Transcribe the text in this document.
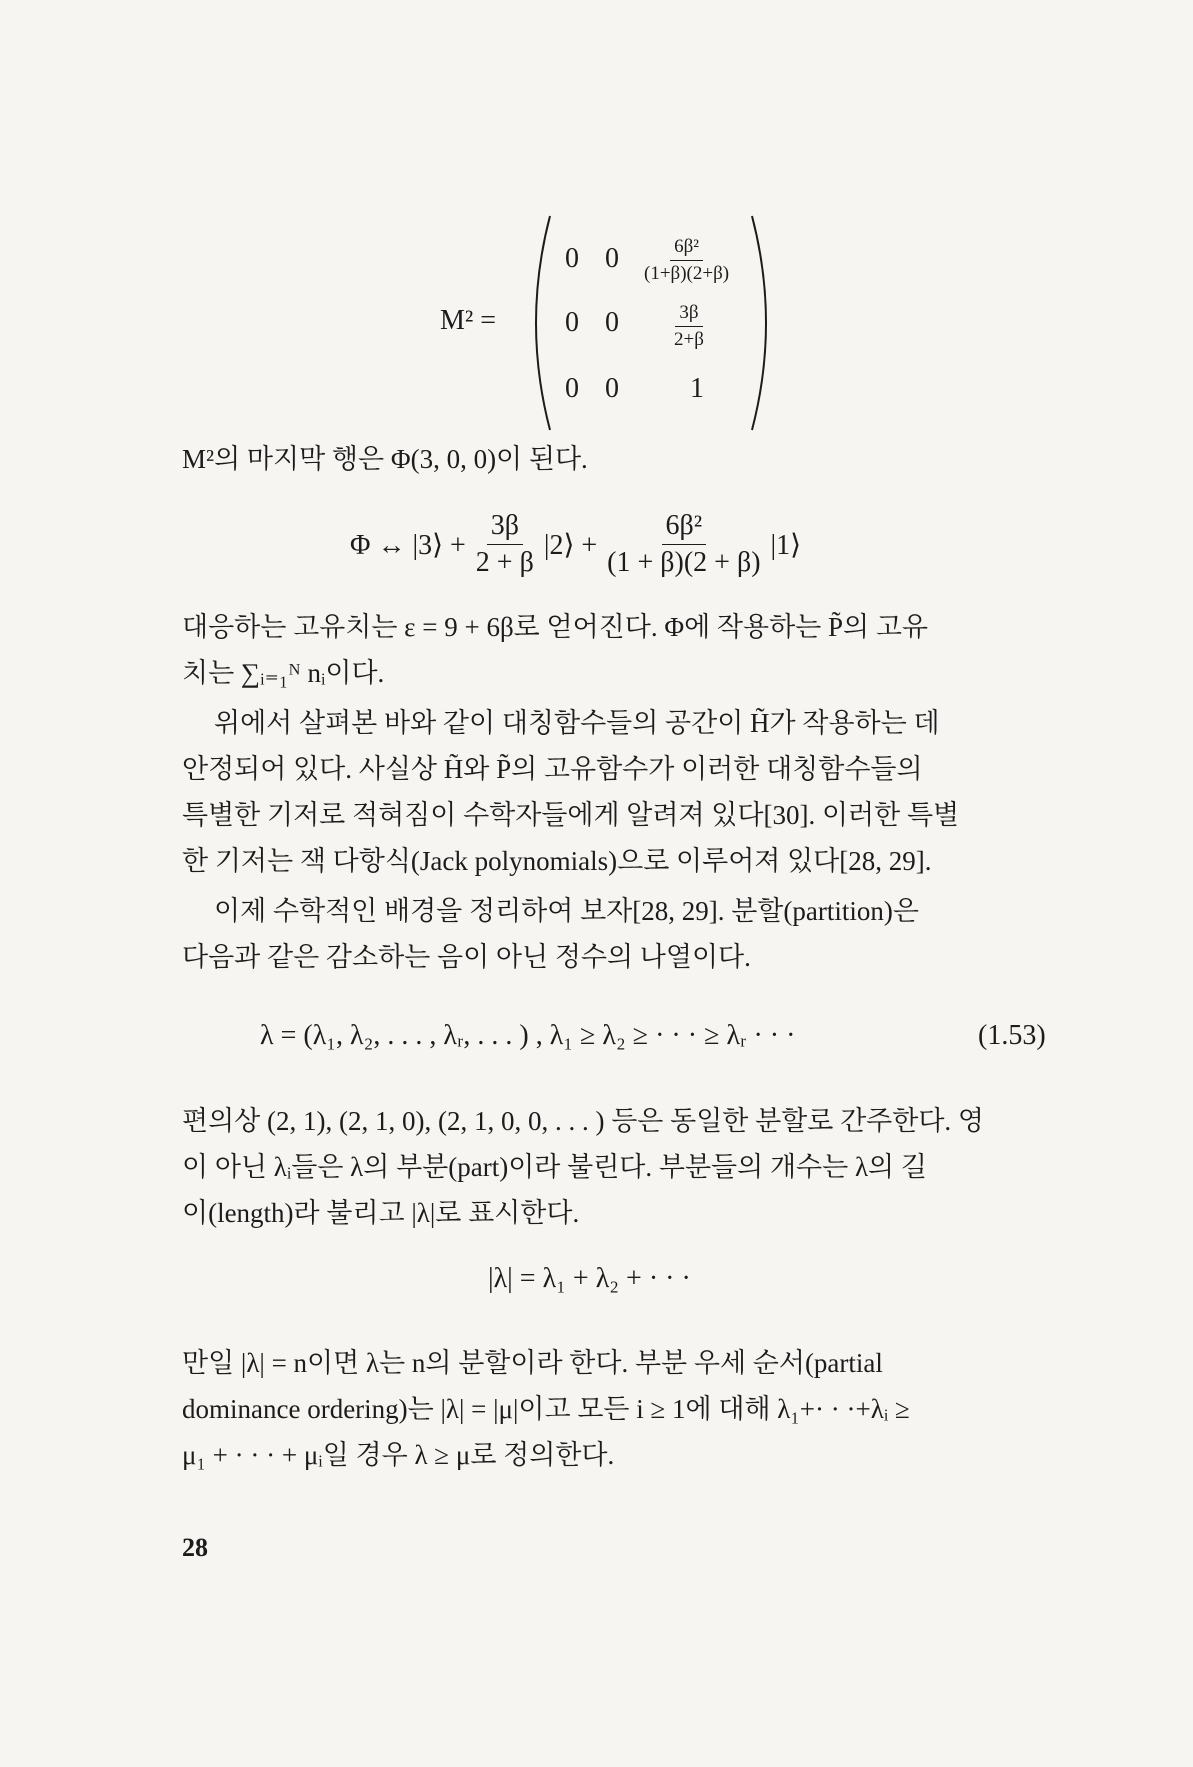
M² =
0 $0 \frac{\text{6β²}}{(1+\beta)(2+\beta)}$
0 0	$\frac{3\beta}{2+\beta}$
0 0	1
M²의 마지막 행은 Φ(3, 0, 0)이 된다.
Φ ↔ |3⟩ + $\frac{3\beta}{2 + \beta}$ |2⟩ + $\frac{\text{6β²}}{(1 + \beta)(2 + \beta)}$ |1⟩
대응하는 고유치는 ε = 9 + 6β로 얻어진다. Φ에 작용하는 P̃의 고유
치는 ∑ᵢ₌₁ᴺ nᵢ이다.
위에서 살펴본 바와 같이 대칭함수들의 공간이 H̃가 작용하는 데
안정되어 있다. 사실상 H̃와 P̃의 고유함수가 이러한 대칭함수들의
특별한 기저로 적혀짐이 수학자들에게 알려져 있다[30]. 이러한 특별
한 기저는 잭 다항식(Jack polynomials)으로 이루어져 있다[28, 29].
이제 수학적인 배경을 정리하여 보자[28, 29]. 분할(partition)은
다음과 같은 감소하는 음이 아닌 정수의 나열이다.
λ = (λ₁, λ₂, . . . , λᵣ, . . . ) , λ₁ ≥ λ₂ ≥ · · · ≥ λᵣ · · ·	(1.53)
편의상 (2, 1), (2, 1, 0), (2, 1, 0, 0, . . . ) 등은 동일한 분할로 간주한다. 영
이 아닌 λᵢ들은 λ의 부분(part)이라 불린다. 부분들의 개수는 λ의 길
이(length)라 불리고 |λ|로 표시한다.
|λ| = λ₁ + λ₂ + · · ·
만일 |λ| = n이면 λ는 n의 분할이라 한다. 부분 우세 순서(partial
dominance ordering)는 |λ| = |μ|이고 모든 i ≥ 1에 대해 λ₁+· · ·+λᵢ ≥
μ₁ + · · · + μᵢ일 경우 λ ≥ μ로 정의한다.
28
